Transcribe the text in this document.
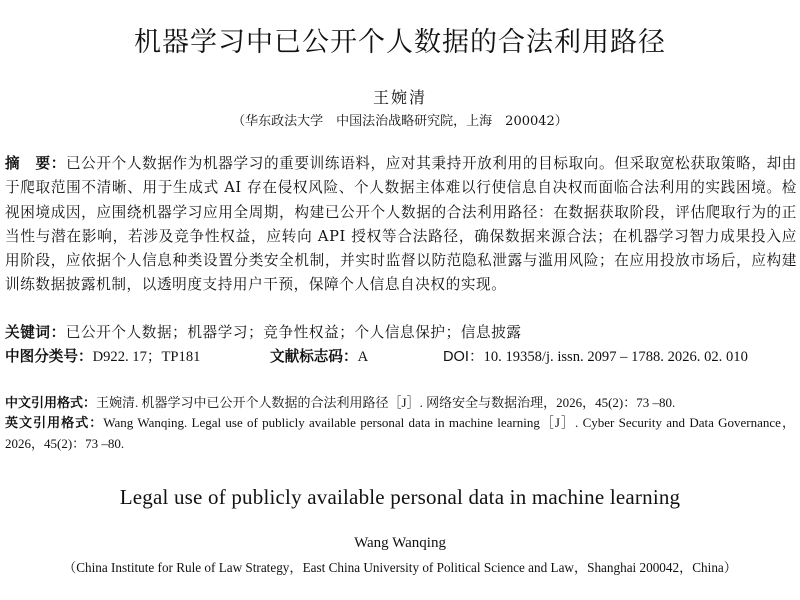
机器学习中已公开个人数据的合法利用路径
王婉清
（华东政法大学　中国法治战略研究院，上海　200042）
摘　要：已公开个人数据作为机器学习的重要训练语料，应对其秉持开放利用的目标取向。但采取宽松获取策略，却由于爬取范围不清晰、用于生成式 AI 存在侵权风险、个人数据主体难以行使信息自决权而面临合法利用的实践困境。检视困境成因，应围绕机器学习应用全周期，构建已公开个人数据的合法利用路径：在数据获取阶段，评估爬取行为的正当性与潜在影响，若涉及竞争性权益，应转向 API 授权等合法路径，确保数据来源合法；在机器学习智力成果投入应用阶段，应依据个人信息种类设置分类安全机制，并实时监督以防范隐私泄露与滥用风险；在应用投放市场后，应构建训练数据披露机制，以透明度支持用户干预，保障个人信息自决权的实现。
关键词：已公开个人数据；机器学习；竞争性权益；个人信息保护；信息披露
中图分类号：D922. 17；TP181	文献标志码：A	DOI：10. 19358/j. issn. 2097 – 1788. 2026. 02. 010
中文引用格式：王婉清. 机器学习中已公开个人数据的合法利用路径［J］. 网络安全与数据治理，2026，45(2)：73 –80.
英文引用格式：Wang Wanqing. Legal use of publicly available personal data in machine learning［J］. Cyber Security and Data Governance，2026，45(2)：73 –80.
Legal use of publicly available personal data in machine learning
Wang Wanqing
（China Institute for Rule of Law Strategy，East China University of Political Science and Law，Shanghai 200042，China）
